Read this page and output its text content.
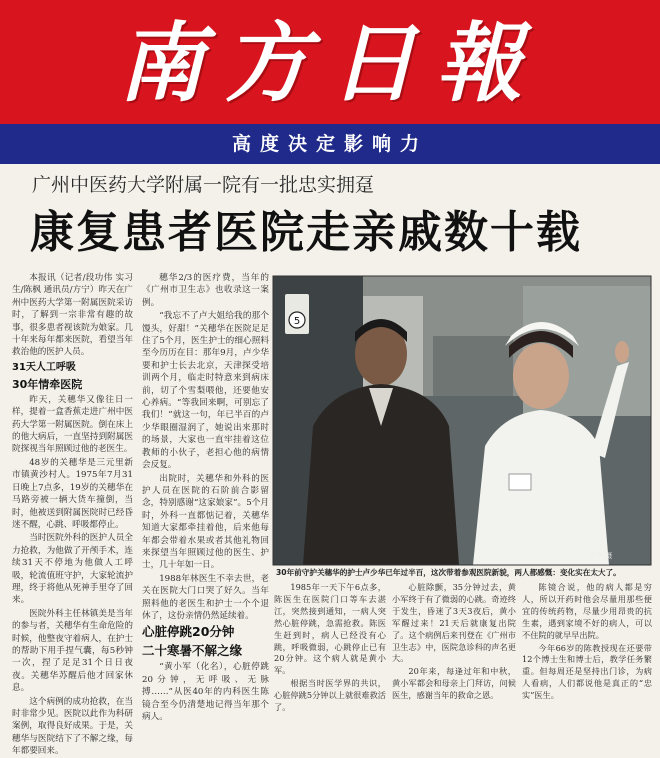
南方日報
高度决定影响力
广州中医药大学附属一院有一批忠实拥趸
康复患者医院走亲戚数十载

本报讯（记者/段功伟 实习生/陈枫 通讯员/方宁）昨天在广州中医药大学第一附属医院采访时，了解到一宗非常有趣的故事，很多患者视该院为娘家。几十年来每年都来医院，看望当年救治他的医护人员。

31天人工呼吸

30年情牵医院

昨天，关穗华又像往日一样，提着一盒香蕉走进广州中医药大学第一附属医院。倒在床上的他大病后，一直坚持到附属医院探视当年照顾过他的老医生。

48岁的关穗华是三元里新市镇黄沙村人。1975年7月31日晚上7点多，19岁的关穗华在马路旁被一辆大货车撞倒，当时，他被送到附属医院时已经昏迷不醒，心跳、呼吸都停止。

当时医院外科的医护人员全力抢救，为他做了开颅手术，连续31天不停地为他做人工呼吸，轮流值班守护，大家轮流护理，终于将他从死神手里夺了回来。

医院外科主任林镇美是当年的参与者，关穗华有生命危险的时候，他整夜守着病人，在护士的帮助下用手捏气囊，每5秒钟一次，捏了足足31个日日夜夜。关穗华苏醒后他才回家休息。

这个病例的成功抢救，在当时非常少见。医院以此作为科研案例，取得良好成果。于是，关穗华与医院结下了不解之缘，每年都要回来。

穗华2/3的医疗费，当年的《广州市卫生志》也收录这一案例。

“我忘不了卢大姐给我的那个馒头，好甜！”关穗华在医院足足住了5个月，医生护士的细心照料至今历历在目：那年9月，卢少华要和护士长去北京，天津探受培训两个月，临走时特意来到病床前，切了个雪梨喂他，还要他安心养病。“等我回来啊，可别忘了我们！”就这一句，年已半百的卢少华眼圈湿润了，她说出来那时的场景，大家也一直牢挂着这位教师的小伙子，老担心他的病情会反复。

出院时，关穗华和外科的医护人员在医院的石阶前合影留念，特别感谢“这家娘家”。5个月时，外科一直都惦记着，关穗华知道大家都牵挂着他，后来他每年都会带着水果或者其他礼物回来探望当年照顾过他的医生、护士，几十年如一日。

1988年林医生不幸去世，老关在医院大门口哭了好久。当年照料他的老医生和护士一个个退休了，这份亲情仍然延续着。

心脏停跳20分钟

二十寒暑不解之缘

“黄小军（化名），心脏停跳20分钟，无呼吸、无脉搏……”从医40年的内科医生陈镜合至今仍清楚地记得当年那个病人。

5
方宁 摄
30年前守护关穗华的护士卢少华已年过半百，这次带着参观医院新貌，两人都感慨：变化实在太大了。

1985年一天下午6点多，陈医生在医院门口等车去湛江，突然接到通知，一病人突然心脏停跳，急需抢救。陈医生赶到时，病人已经没有心跳，呼吸微弱，心跳停止已有20分钟。这个病人就是黄小军。

根据当时医学界的共识，心脏停跳5分钟以上就很难救活了。

心脏除颤，35分钟过去，黄小军终于有了微弱的心跳。奇迹终于发生，昏迷了3天3夜后，黄小军醒过来！21天后就康复出院了。这个病例后来刊登在《广州市卫生志》中，医院急诊科的声名更大。

20年来，每逢过年和中秋，黄小军都会和母亲上门拜访，问候医生，感谢当年的救命之恩。

陈镜合说，他的病人都是穷人，所以开药时他会尽量用那些便宜的传统药物，尽量少用昂贵的抗生素，遇到家境不好的病人，可以不住院的就早早出院。

今年66岁的陈教授现在还要带12个博士生和博士后，教学任务繁重。但每周还是坚持出门诊，为病人看病，人们都说他是真正的“忠实”医生。
